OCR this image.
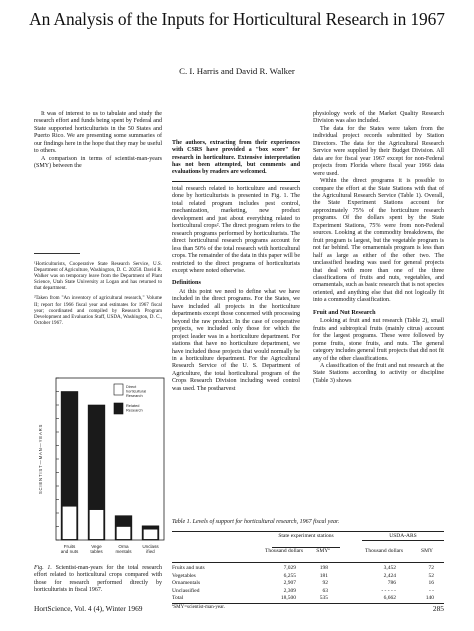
An Analysis of the Inputs for Horticultural Research in 1967
C. I. Harris and David R. Walker

It was of interest to us to tabulate and study the research effort and funds being spent by Federal and State supported horticulturists in the 50 States and Puerto Rico. We are presenting some summaries of our findings here in the hope that they may be useful to others.

A comparison in terms of scientist-man-years (SMY) between the

¹Horticulturists, Cooperative State Research Service, U.S. Department of Agriculture, Washington, D. C. 20250. David R. Walker was on temporary leave from the Department of Plant Science, Utah State University at Logan and has returned to that department.

²Taken from "An inventory of agricultural research," Volume II; report for 1966 fiscal year and estimates for 1967 fiscal year; coordinated and compiled by Research Program Development and Evaluation Staff, USDA, Washington, D. C., October 1967.

The authors, extracting from their experiences with CSRS have provided a "box score" for research in horticulture. Extensive interpretation has not been attempted, but comments and evaluations by readers are welcomed.

total research related to horticulture and research done by horticulturists is presented in Fig. 1. The total related program includes pest control, mechanization, marketing, new product development and just about everything related to horticultural crops². The direct program refers to the research programs performed by horticulturists. The direct horticultural research programs account for less than 50% of the total research with horticultural crops. The remainder of the data in this paper will be restricted to the direct programs of horticulturists except where noted otherwise.

Definitions

At this point we need to define what we have included in the direct programs. For the States, we have included all projects in the horticulture departments except those concerned with processing beyond the raw product. In the case of cooperative projects, we included only those for which the project leader was in a horticulture department. For stations that have no horticulture department, we have included those projects that would normally be in a horticulture department. For the Agricultural Research Service of the U. S. Department of Agriculture, the total horticultural program of the Crops Research Division including weed control was used. The postharvest

physiology work of the Market Quality Research Division was also included.

The data for the States were taken from the individual project records submitted by Station Directors. The data for the Agricultural Research Service were supplied by their Budget Division. All data are for fiscal year 1967 except for non-Federal projects from Florida where fiscal year 1966 data were used.

Within the direct programs it is possible to compare the effort at the State Stations with that of the Agricultural Research Service (Table 1). Overall, the State Experiment Stations account for approximately 75% of the horticulture research programs. Of the dollars spent by the State Experiment Stations, 75% were from non-Federal sources. Looking at the commodity breakdowns, the fruit program is largest, but the vegetable program is not far behind. The ornamentals program is less than half as large as either of the other two. The unclassified heading was used for general projects that deal with more than one of the three classifications of fruits and nuts, vegetables, and ornamentals, such as basic research that is not species oriented, and anything else that did not logically fit into a commodity classification.

Fruit and Nut Research

Looking at fruit and nut research (Table 2), small fruits and subtropical fruits (mainly citrus) account for the largest programs. These were followed by pome fruits, stone fruits, and nuts. The general category includes general fruit projects that did not fit any of the other classifications.

A classification of the fruit and nut research at the State Stations according to activity or discipline (Table 3) shows

SCIENTIST—MAN—YEARS
Fruits
and nuts
Vege
tables
Orna
mentals
Unclass
ified
Direct
horticultural
Research
Related
Research
Fig. 1. Scientist-man-years for the total research effort related to horticultural crops compared with those for research performed directly by horticulturists in fiscal 1967.
Table 1. Levels of support for horticultural research, 1967 fiscal year.
State experiment stations	USDA-ARS
Thousand dollars	SMYª	Thousand dollars	SMY
Fruits and nuts	7,029	198	3,452	72
Vegetables	6,255	181	2,424	52
Ornamentals	2,907	92	786	16
Unclassified	2,309	63	- - - - -	- -
Total	18,500	535	6,662	140
ªSMY=scientist-man-year.
HortScience, Vol. 4 (4), Winter 1969	285
